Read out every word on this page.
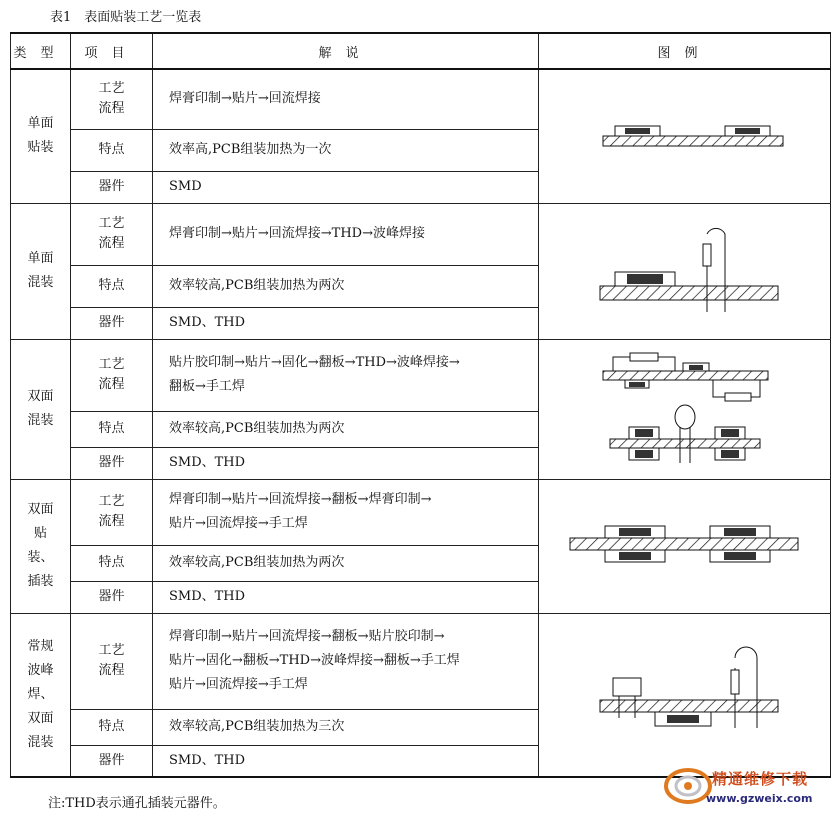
表1　表面贴装工艺一览表
类型	项目	解说	图例

单面贴装	工艺流程	焊膏印制→贴片→回流焊接

	特点	效率高,PCB组装加热为一次	
	器件	SMD	

单面混装	工艺流程	焊膏印制→贴片→回流焊接→THD→波峰焊接	
	特点	效率较高,PCB组装加热为两次	
	器件	SMD、THD	

双面混装	工艺流程	贴片胶印制→贴片→固化→翻板→THD→波峰焊接→
翻板→手工焊

	特点	效率较高,PCB组装加热为两次	
	器件	SMD、THD	

双面贴装、插装	工艺流程	焊膏印制→贴片→回流焊接→翻板→焊膏印制→
贴片→回流焊接→手工焊

	特点	效率较高,PCB组装加热为两次	
	器件	SMD、THD	

常规波峰焊、双面混装	工艺流程	焊膏印制→贴片→回流焊接→翻板→贴片胶印制→
贴片→固化→翻板→THD→波峰焊接→翻板→手工焊
贴片→回流焊接→手工焊

	特点	效率较高,PCB组装加热为三次	
	器件	SMD、THD	
注:THD表示通孔插装元器件。
精通维修下载
www.gzweix.com
